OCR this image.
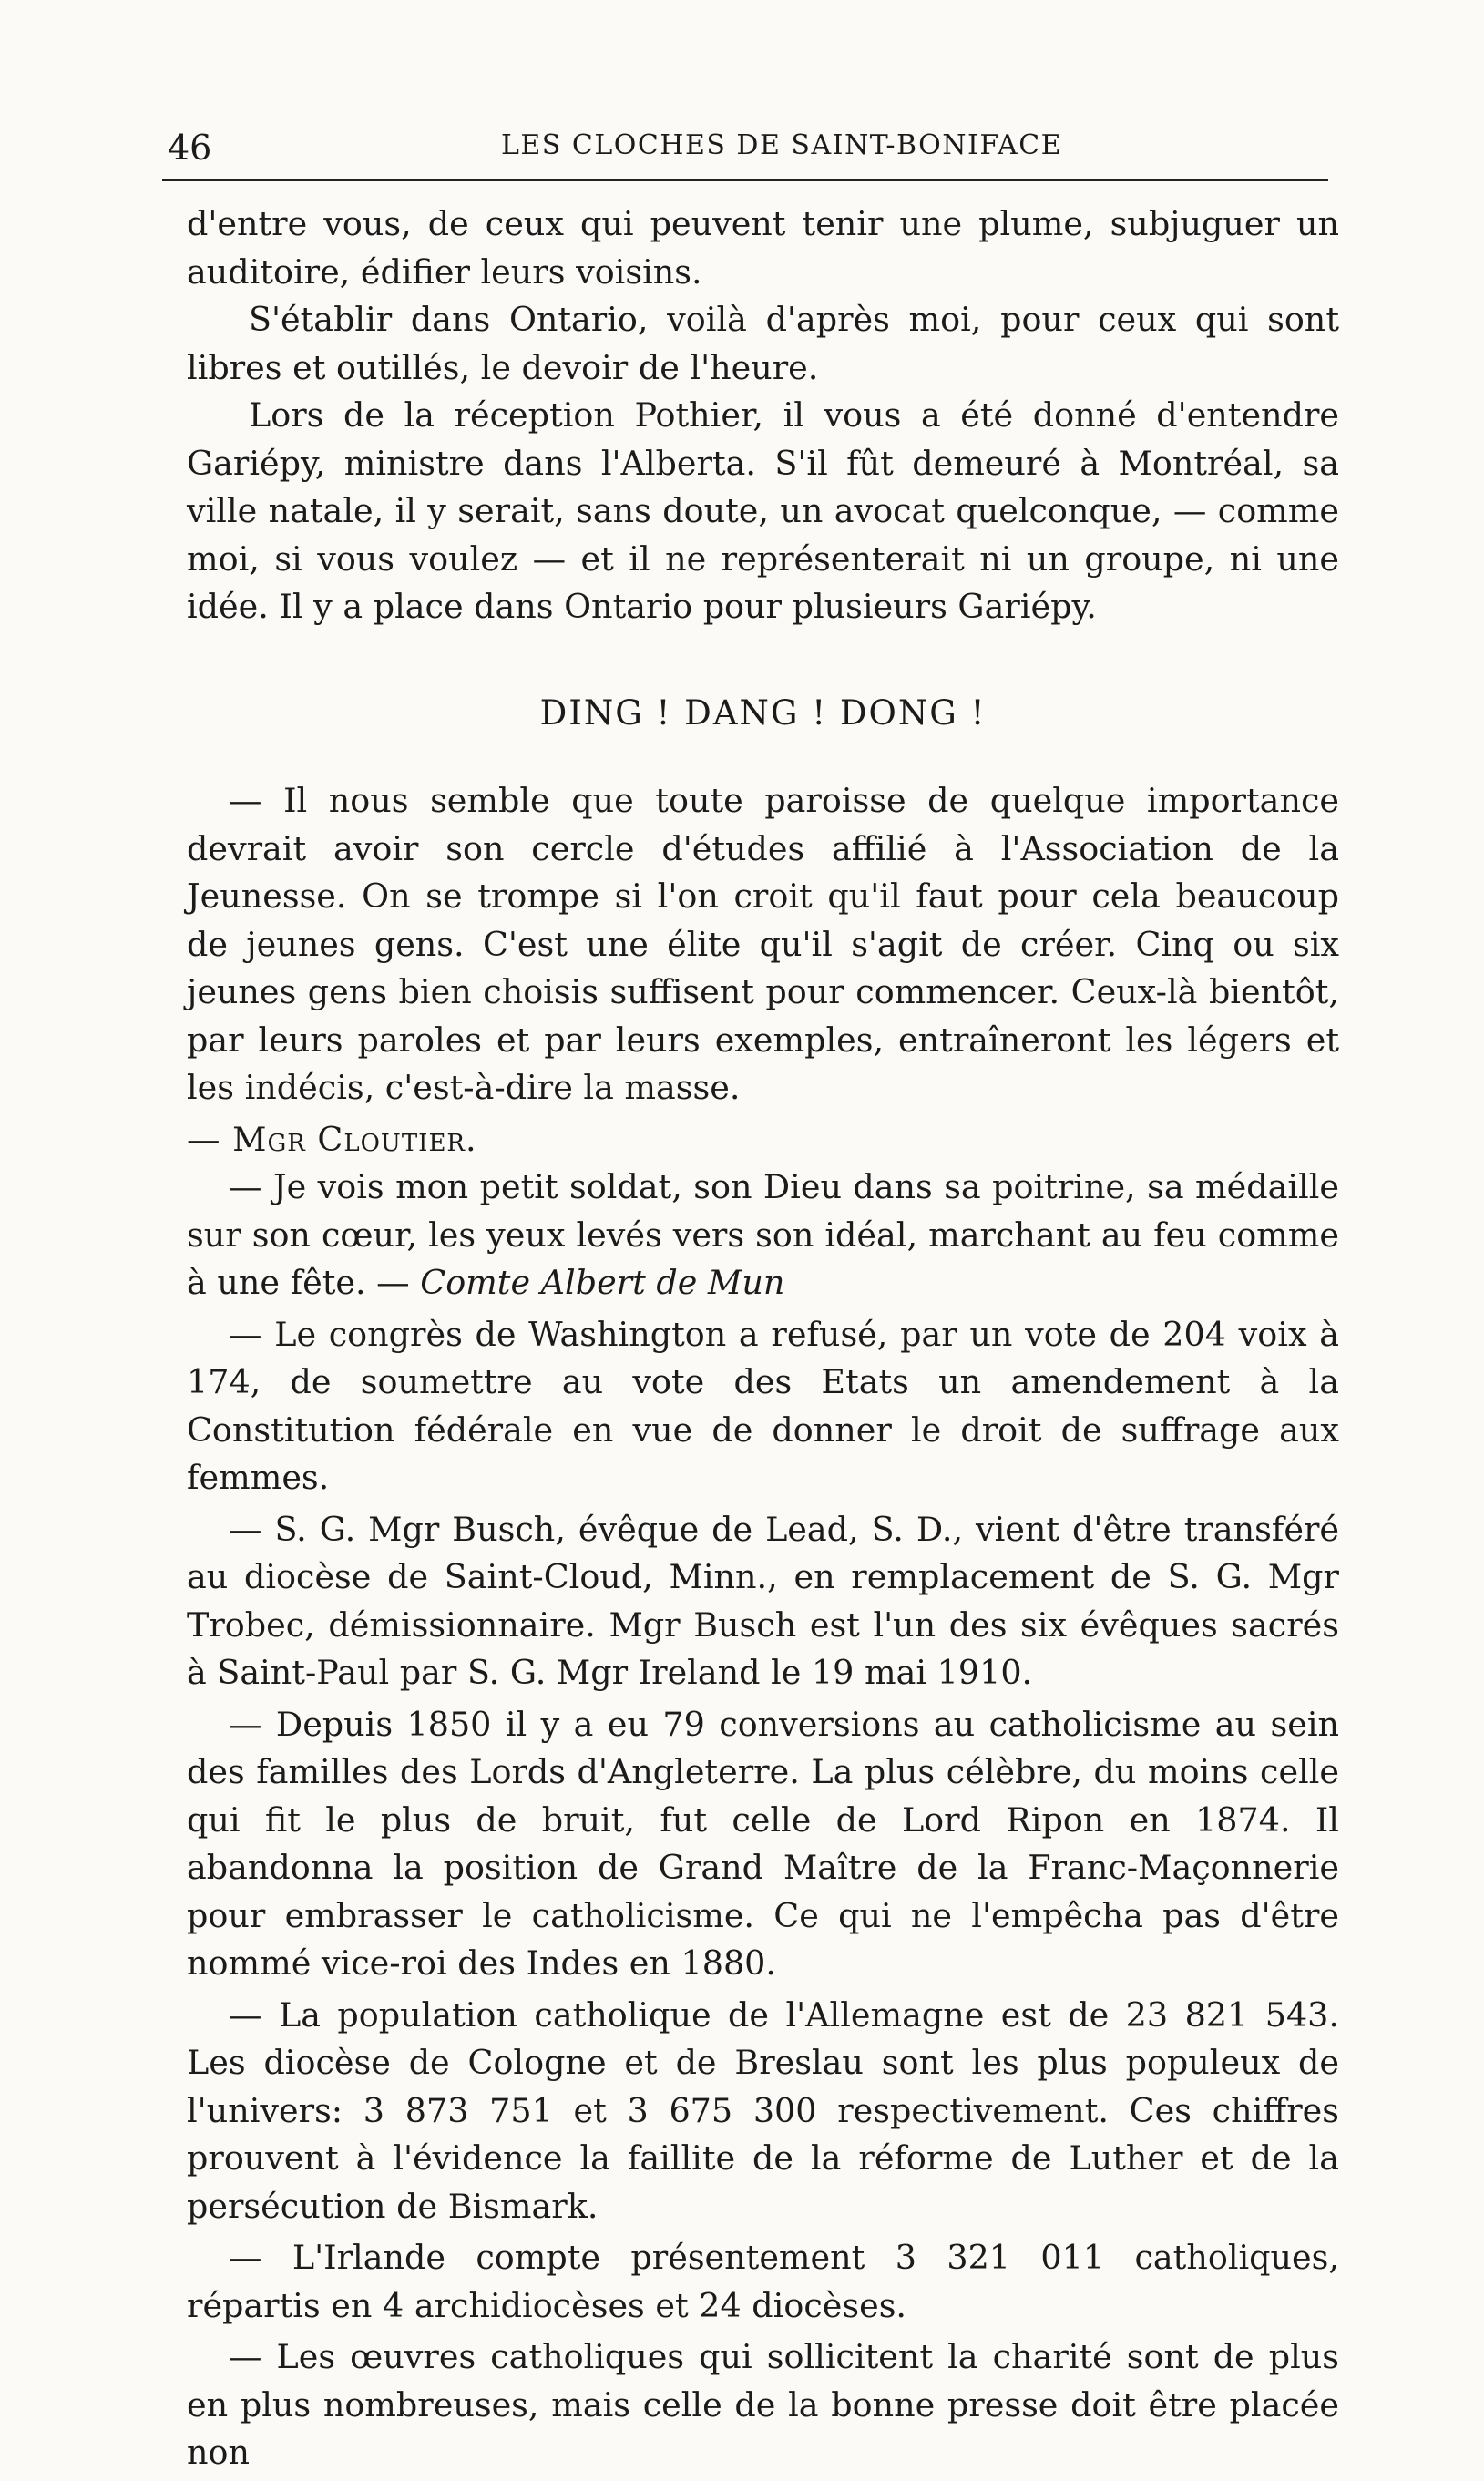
46	LES CLOCHES DE SAINT-BONIFACE

d'entre vous, de ceux qui peuvent tenir une plume, subjuguer un auditoire, édifier leurs voisins.

S'établir dans Ontario, voilà d'après moi, pour ceux qui sont libres et outillés, le devoir de l'heure.

Lors de la réception Pothier, il vous a été donné d'entendre Gariépy, ministre dans l'Alberta. S'il fût demeuré à Montréal, sa ville natale, il y serait, sans doute, un avocat quelconque, — comme moi, si vous voulez — et il ne représenterait ni un groupe, ni une idée. Il y a place dans Ontario pour plusieurs Gariépy.

DING ! DANG ! DONG !

— Il nous semble que toute paroisse de quelque importance devrait avoir son cercle d'études affilié à l'Association de la Jeunesse. On se trompe si l'on croit qu'il faut pour cela beaucoup de jeunes gens. C'est une élite qu'il s'agit de créer. Cinq ou six jeunes gens bien choisis suffisent pour commencer. Ceux-là bientôt, par leurs paroles et par leurs exemples, entraîneront les légers et les indécis, c'est-à-dire la masse.

— Mgr Cloutier.

— Je vois mon petit soldat, son Dieu dans sa poitrine, sa médaille sur son cœur, les yeux levés vers son idéal, marchant au feu comme à une fête. — Comte Albert de Mun

— Le congrès de Washington a refusé, par un vote de 204 voix à 174, de soumettre au vote des Etats un amendement à la Constitution fédérale en vue de donner le droit de suffrage aux femmes.

— S. G. Mgr Busch, évêque de Lead, S. D., vient d'être transféré au diocèse de Saint-Cloud, Minn., en remplacement de S. G. Mgr Trobec, démissionnaire. Mgr Busch est l'un des six évêques sacrés à Saint-Paul par S. G. Mgr Ireland le 19 mai 1910.

— Depuis 1850 il y a eu 79 conversions au catholicisme au sein des familles des Lords d'Angleterre. La plus célèbre, du moins celle qui fit le plus de bruit, fut celle de Lord Ripon en 1874. Il abandonna la position de Grand Maître de la Franc-Maçonnerie pour embrasser le catholicisme. Ce qui ne l'empêcha pas d'être nommé vice-roi des Indes en 1880.

— La population catholique de l'Allemagne est de 23 821 543. Les diocèse de Cologne et de Breslau sont les plus populeux de l'univers: 3 873 751 et 3 675 300 respectivement. Ces chiffres prouvent à l'évidence la faillite de la réforme de Luther et de la persécution de Bismark.

— L'Irlande compte présentement 3 321 011 catholiques, répartis en 4 archidiocèses et 24 diocèses.

— Les œuvres catholiques qui sollicitent la charité sont de plus en plus nombreuses, mais celle de la bonne presse doit être placée non
